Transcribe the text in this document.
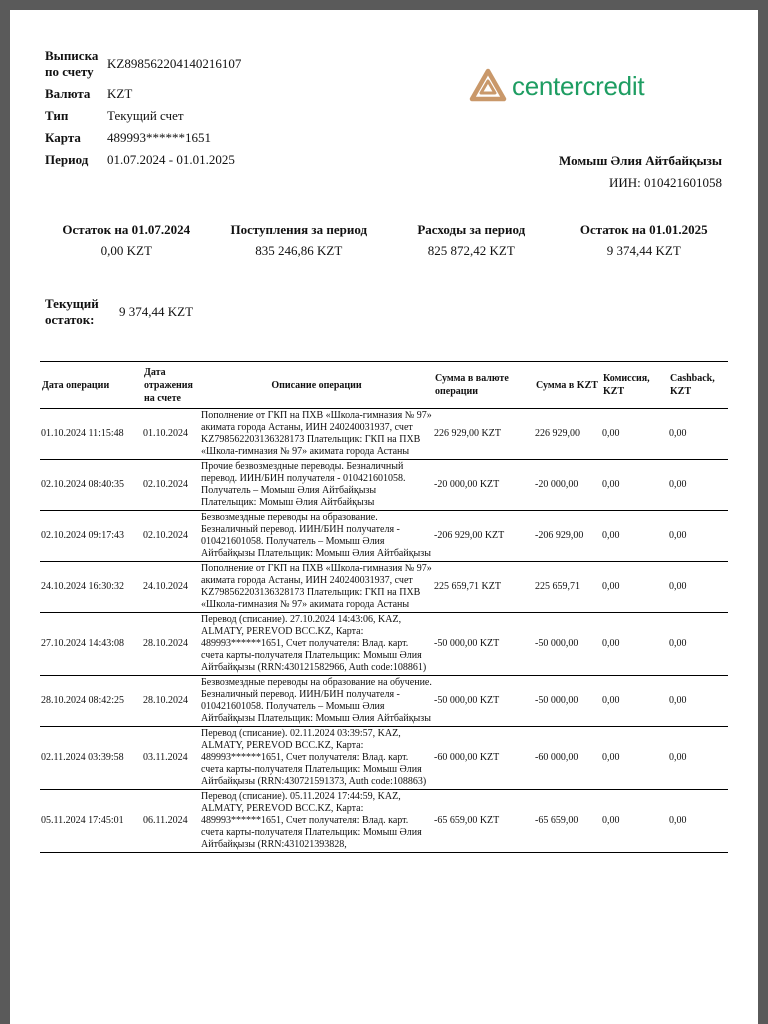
Выписка по счету	KZ898562204140216107
Валюта	KZT
Тип	Текущий счет
Карта	489993******1651
Период	01.07.2024 - 01.01.2025
centercredit
Момыш Әлия Айтбайқызы
ИИН: 010421601058
Остаток на 01.07.2024
0,00 KZT
Поступления за период
835 246,86 KZT
Расходы за период
825 872,42 KZT
Остаток на 01.01.2025
9 374,44 KZT
Текущий остаток:
9 374,44 KZT
Дата операции	Дата отражения на счете	Описание операции	Сумма в валюте операции	Сумма в KZT	Комиссия, KZT	Cashback, KZT
01.10.2024 11:15:48	01.10.2024	Пополнение от ГКП на ПХВ «Школа-гимназия № 97» акимата города Астаны, ИИН 240240031937, счет KZ798562203136328173 Плательщик: ГКП на ПХВ «Школа-гимназия № 97» акимата города Астаны	226 929,00 KZT	226 929,00	0,00	0,00
02.10.2024 08:40:35	02.10.2024	Прочие безвозмездные переводы. Безналичный перевод. ИИН/БИН получателя - 010421601058. Получатель – Момыш Әлия Айтбайқызы Плательщик: Момыш Әлия Айтбайқызы	-20 000,00 KZT	-20 000,00	0,00	0,00
02.10.2024 09:17:43	02.10.2024	Безвозмездные переводы на образование. Безналичный перевод. ИИН/БИН получателя - 010421601058. Получатель – Момыш Әлия Айтбайқызы Плательщик: Момыш Әлия Айтбайқызы	-206 929,00 KZT	-206 929,00	0,00	0,00
24.10.2024 16:30:32	24.10.2024	Пополнение от ГКП на ПХВ «Школа-гимназия № 97» акимата города Астаны, ИИН 240240031937, счет KZ798562203136328173 Плательщик: ГКП на ПХВ «Школа-гимназия № 97» акимата города Астаны	225 659,71 KZT	225 659,71	0,00	0,00
27.10.2024 14:43:08	28.10.2024	Перевод (списание). 27.10.2024 14:43:06, KAZ, ALMATY, PEREVOD BCC.KZ, Карта: 489993******1651, Счет получателя: Влад. карт. счета карты-получателя Плательщик: Момыш Әлия Айтбайқызы (RRN:430121582966, Auth code:108861)	-50 000,00 KZT	-50 000,00	0,00	0,00
28.10.2024 08:42:25	28.10.2024	Безвозмездные переводы на образование на обучение. Безналичный перевод. ИИН/БИН получателя - 010421601058. Получатель – Момыш Әлия Айтбайқызы Плательщик: Момыш Әлия Айтбайқызы	-50 000,00 KZT	-50 000,00	0,00	0,00
02.11.2024 03:39:58	03.11.2024	Перевод (списание). 02.11.2024 03:39:57, KAZ, ALMATY, PEREVOD BCC.KZ, Карта: 489993******1651, Счет получателя: Влад. карт. счета карты-получателя Плательщик: Момыш Әлия Айтбайқызы (RRN:430721591373, Auth code:108863)	-60 000,00 KZT	-60 000,00	0,00	0,00
05.11.2024 17:45:01	06.11.2024	Перевод (списание). 05.11.2024 17:44:59, KAZ, ALMATY, PEREVOD BCC.KZ, Карта: 489993******1651, Счет получателя: Влад. карт. счета карты-получателя Плательщик: Момыш Әлия Айтбайқызы (RRN:431021393828,	-65 659,00 KZT	-65 659,00	0,00	0,00
